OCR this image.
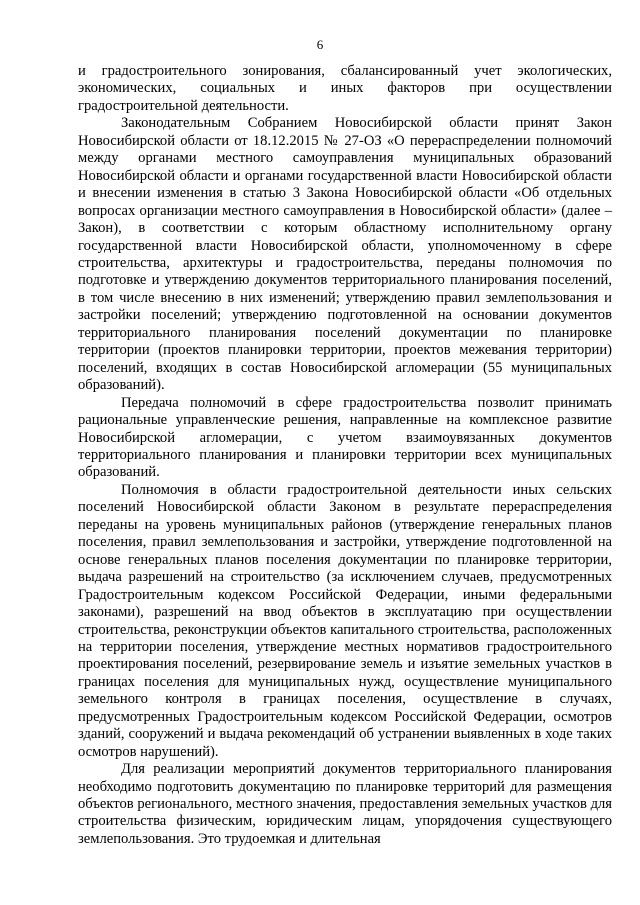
6

и градостроительного зонирования, сбалансированный учет экологических, экономических, социальных и иных факторов при осуществлении градостроительной деятельности.

Законодательным Собранием Новосибирской области принят Закон Новосибирской области от 18.12.2015 № 27-ОЗ «О перераспределении полномочий между органами местного самоуправления муниципальных образований Новосибирской области и органами государственной власти Новосибирской области и внесении изменения в статью 3 Закона Новосибирской области «Об отдельных вопросах организации местного самоуправления в Новосибирской области» (далее – Закон), в соответствии с которым областному исполнительному органу государственной власти Новосибирской области, уполномоченному в сфере строительства, архитектуры и градостроительства, переданы полномочия по подготовке и утверждению документов территориального планирования поселений, в том числе внесению в них изменений; утверждению правил землепользования и застройки поселений; утверждению подготовленной на основании документов территориального планирования поселений документации по планировке территории (проектов планировки территории, проектов межевания территории) поселений, входящих в состав Новосибирской агломерации (55 муниципальных образований).

Передача полномочий в сфере градостроительства позволит принимать рациональные управленческие решения, направленные на комплексное развитие Новосибирской агломерации, с учетом взаимоувязанных документов территориального планирования и планировки территории всех муниципальных образований.

Полномочия в области градостроительной деятельности иных сельских поселений Новосибирской области Законом в результате перераспределения переданы на уровень муниципальных районов (утверждение генеральных планов поселения, правил землепользования и застройки, утверждение подготовленной на основе генеральных планов поселения документации по планировке территории, выдача разрешений на строительство (за исключением случаев, предусмотренных Градостроительным кодексом Российской Федерации, иными федеральными законами), разрешений на ввод объектов в эксплуатацию при осуществлении строительства, реконструкции объектов капитального строительства, расположенных на территории поселения, утверждение местных нормативов градостроительного проектирования поселений, резервирование земель и изъятие земельных участков в границах поселения для муниципальных нужд, осуществление муниципального земельного контроля в границах поселения, осуществление в случаях, предусмотренных Градостроительным кодексом Российской Федерации, осмотров зданий, сооружений и выдача рекомендаций об устранении выявленных в ходе таких осмотров нарушений).

Для реализации мероприятий документов территориального планирования необходимо подготовить документацию по планировке территорий для размещения объектов регионального, местного значения, предоставления земельных участков для строительства физическим, юридическим лицам, упорядочения существующего землепользования. Это трудоемкая и длительная
